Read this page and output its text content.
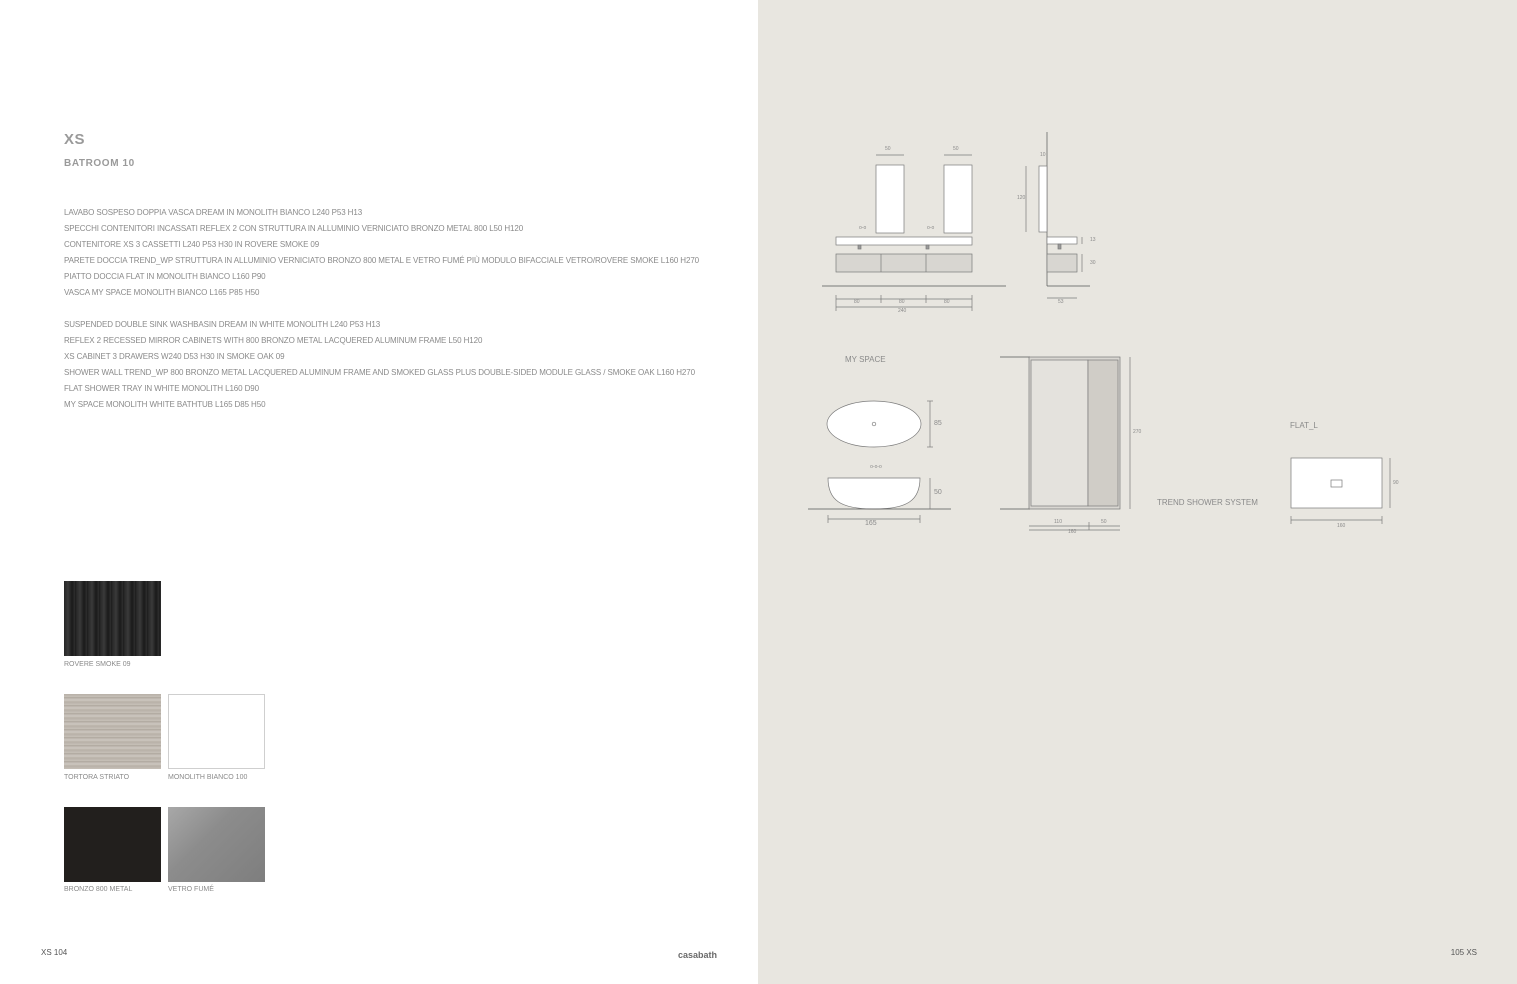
XS
BATROOM 10
LAVABO SOSPESO DOPPIA VASCA DREAM IN MONOLITH BIANCO L240 P53 H13
SPECCHI CONTENITORI INCASSATI REFLEX 2 CON STRUTTURA IN ALLUMINIO VERNICIATO BRONZO METAL 800 L50 H120
CONTENITORE XS 3 CASSETTI L240 P53 H30 IN ROVERE SMOKE 09
PARETE DOCCIA TREND_WP STRUTTURA IN ALLUMINIO VERNICIATO BRONZO 800 METAL E VETRO FUMÉ PIÙ MODULO BIFACCIALE VETRO/ROVERE SMOKE L160 H270
PIATTO DOCCIA FLAT IN MONOLITH BIANCO L160 P90
VASCA MY SPACE MONOLITH BIANCO L165 P85 H50
SUSPENDED DOUBLE SINK WASHBASIN DREAM IN WHITE MONOLITH L240 P53 H13
REFLEX 2 RECESSED MIRROR CABINETS WITH 800 BRONZO METAL LACQUERED ALUMINUM FRAME L50 H120
XS CABINET 3 DRAWERS W240 D53 H30 IN SMOKE OAK 09
SHOWER WALL TREND_WP 800 BRONZO METAL LACQUERED ALUMINUM FRAME AND SMOKED GLASS PLUS DOUBLE-SIDED MODULE GLASS / SMOKE OAK L160 H270
FLAT SHOWER TRAY IN WHITE MONOLITH L160 D90
MY SPACE MONOLITH WHITE BATHTUB L165 D85 H50
ROVERE SMOKE 09
TORTORA STRIATO	MONOLITH BIANCO 100
BRONZO 800 METAL	VETRO FUMÉ
XS 104	casabath
o-o	o-o
o-o-o
50	50
80	80	80
240
120
10
13
30
53
MY SPACE
85
50
165
270
110	50
160
TREND SHOWER SYSTEM
FLAT_L
90
160
105 XS
